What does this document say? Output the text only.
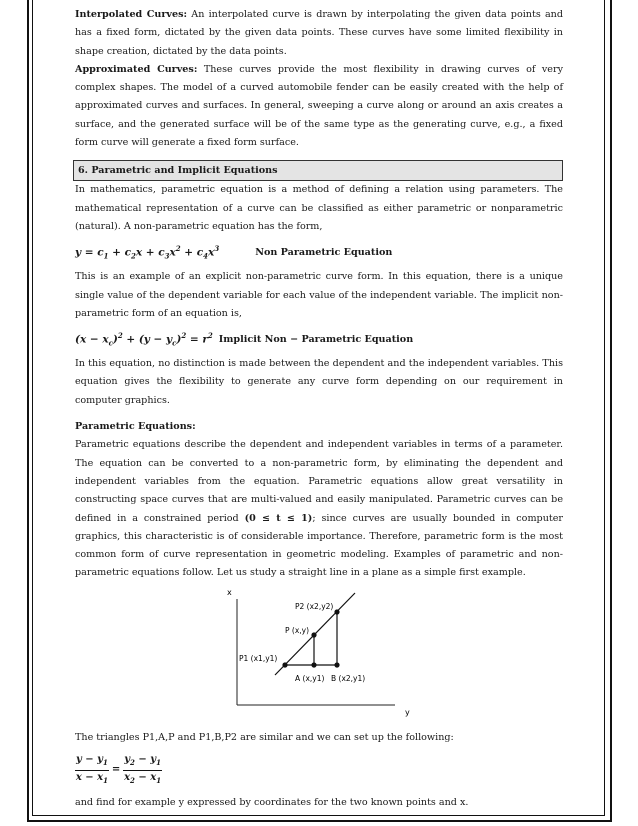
Interpolated Curves: An interpolated curve is drawn by interpolating the given data points and has a fixed form, dictated by the given data points. These curves have some limited flexibility in shape creation, dictated by the data points.

Approximated Curves: These curves provide the most flexibility in drawing curves of very complex shapes. The model of a curved automobile fender can be easily created with the help of approximated curves and surfaces. In general, sweeping a curve along or around an axis creates a surface, and the generated surface will be of the same type as the generating curve, e.g., a fixed form curve will generate a fixed form surface.

6. Parametric and Implicit Equations

In mathematics, parametric equation is a method of defining a relation using parameters. The mathematical representation of a curve can be classified as either parametric or nonparametric (natural). A non-parametric equation has the form,

$y = c_1 + c_2x + c_3x^2 + c_4x^3$	Non Parametric Equation

This is an example of an explicit non-parametric curve form. In this equation, there is a unique single value of the dependent variable for each value of the independent variable. The implicit non-parametric form of an equation is,

$(x - x_c)^2 + (y - y_c)^2 = r^2$ Implicit Non − Parametric Equation

In this equation, no distinction is made between the dependent and the independent variables. This equation gives the flexibility to generate any curve form depending on our requirement in computer graphics.

Parametric Equations:

Parametric equations describe the dependent and independent variables in terms of a parameter. The equation can be converted to a non-parametric form, by eliminating the dependent and independent variables from the equation. Parametric equations allow great versatility in constructing space curves that are multi-valued and easily manipulated. Parametric curves can be defined in a constrained period (0 ≤ t ≤ 1); since curves are usually bounded in computer graphics, this characteristic is of considerable importance. Therefore, parametric form is the most common form of curve representation in geometric modeling. Examples of parametric and non-parametric equations follow. Let us study a straight line in a plane as a simple first example.

x
y
P2 (x2,y2)
P (x,y)
P1 (x1,y1)
A (x,y1) B (x2,y1)

The triangles P1,A,P and P1,B,P2 are similar and we can set up the following:

$\frac{y - y_1}{x - x_1} = \frac{y_2 - y_1}{x_2 - x_1}$

and find for example y expressed by coordinates for the two known points and x.
